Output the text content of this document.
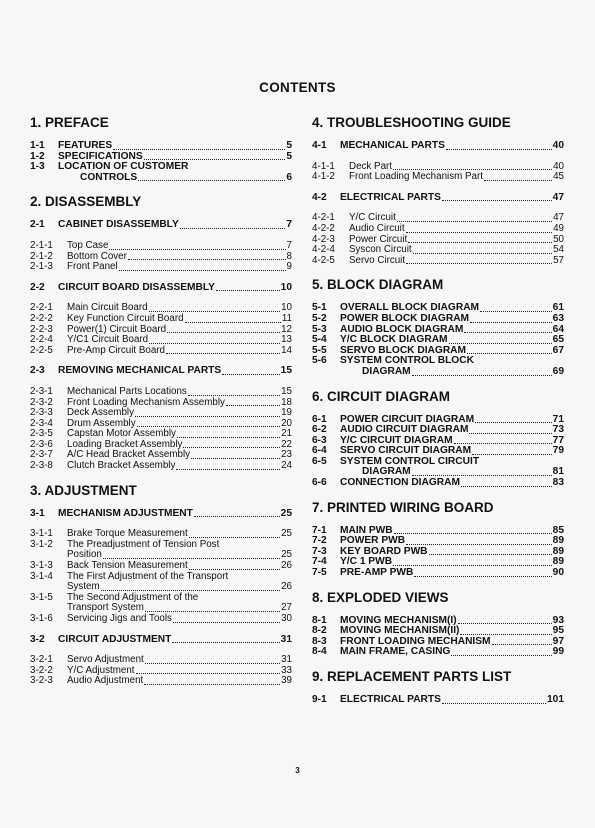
CONTENTS
1. PREFACE
1-1	FEATURES	5
1-2	SPECIFICATIONS	5
1-3	LOCATION OF CUSTOMER
CONTROLS	6
2. DISASSEMBLY
2-1	CABINET DISASSEMBLY	7
2-1-1	Top Case	7
2-1-2	Bottom Cover	8
2-1-3	Front Panel	9
2-2	CIRCUIT BOARD DISASSEMBLY	10
2-2-1	Main Circuit Board	10
2-2-2	Key Function Circuit Board	11
2-2-3	Power(1) Circuit Board	12
2-2-4	Y/C1 Circuit Board	13
2-2-5	Pre-Amp Circuit Board	14
2-3	REMOVING MECHANICAL PARTS	15
2-3-1	Mechanical Parts Locations	15
2-3-2	Front Loading Mechanism Assembly	18
2-3-3	Deck Assembly	19
2-3-4	Drum Assembly	20
2-3-5	Capstan Motor Assembly	21
2-3-6	Loading Bracket Assembly	22
2-3-7	A/C Head Bracket Assembly	23
2-3-8	Clutch Bracket Assembly	24
3. ADJUSTMENT
3-1	MECHANISM ADJUSTMENT	25
3-1-1	Brake Torque Measurement	25
3-1-2	The Preadjustment of Tension Post
Position	25
3-1-3	Back Tension Measurement	26
3-1-4	The First Adjustment of the Transport
System	26
3-1-5	The Second Adjustment of the
Transport System	27
3-1-6	Servicing Jigs and Tools	30
3-2	CIRCUIT ADJUSTMENT	31
3-2-1	Servo Adjustment	31
3-2-2	Y/C Adjustment	33
3-2-3	Audio Adjustment	39
4. TROUBLESHOOTING GUIDE
4-1	MECHANICAL PARTS	40
4-1-1	Deck Part	40
4-1-2	Front Loading Mechanism Part	45
4-2	ELECTRICAL PARTS	47
4-2-1	Y/C Circuit	47
4-2-2	Audio Circuit	49
4-2-3	Power Circuit	50
4-2-4	Syscon Circuit	54
4-2-5	Servo Circuit	57
5. BLOCK DIAGRAM
5-1	OVERALL BLOCK DIAGRAM	61
5-2	POWER BLOCK DIAGRAM	63
5-3	AUDIO BLOCK DIAGRAM	64
5-4	Y/C BLOCK DIAGRAM	65
5-5	SERVO BLOCK DIAGRAM	67
5-6	SYSTEM CONTROL BLOCK
DIAGRAM	69
6. CIRCUIT DIAGRAM
6-1	POWER CIRCUIT DIAGRAM	71
6-2	AUDIO CIRCUIT DIAGRAM	73
6-3	Y/C CIRCUIT DIAGRAM	77
6-4	SERVO CIRCUIT DIAGRAM	79
6-5	SYSTEM CONTROL CIRCUIT
DIAGRAM	81
6-6	CONNECTION DIAGRAM	83
7. PRINTED WIRING BOARD
7-1	MAIN PWB	85
7-2	POWER PWB	89
7-3	KEY BOARD PWB	89
7-4	Y/C 1 PWB	89
7-5	PRE-AMP PWB	90
8. EXPLODED VIEWS
8-1	MOVING MECHANISM(I)	93
8-2	MOVING MECHANISM(II)	95
8-3	FRONT LOADING MECHANISM	97
8-4	MAIN FRAME, CASING	99
9. REPLACEMENT PARTS LIST
9-1	ELECTRICAL PARTS	101
3
